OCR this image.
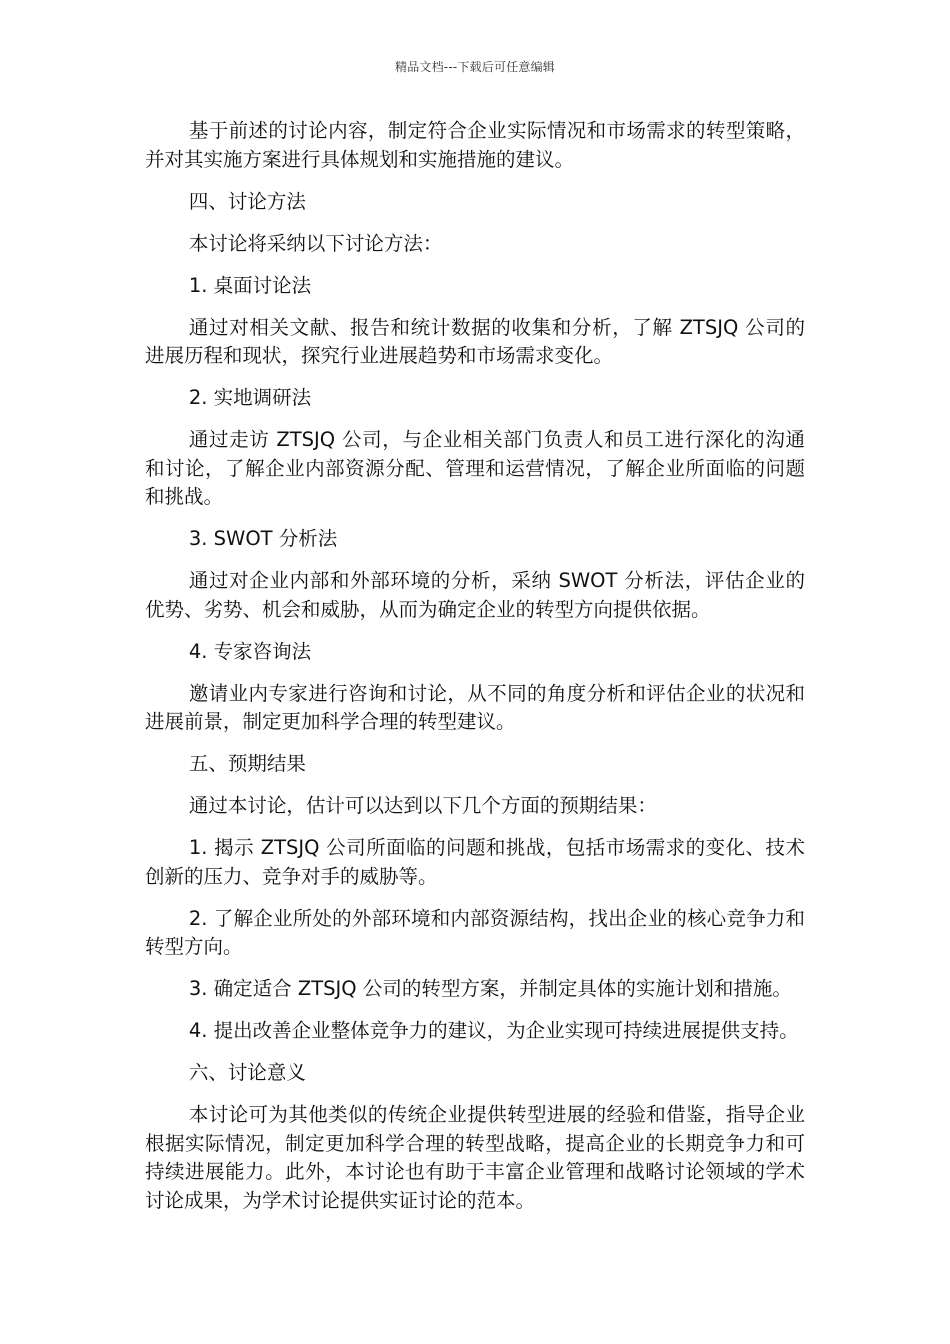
精品文档---下载后可任意编辑

基于前述的讨论内容，制定符合企业实际情况和市场需求的转型策略，并对其实施方案进行具体规划和实施措施的建议。

四、讨论方法

本讨论将采纳以下讨论方法：

1. 桌面讨论法

通过对相关文献、报告和统计数据的收集和分析，了解 ZTSJQ 公司的进展历程和现状，探究行业进展趋势和市场需求变化。

2. 实地调研法

通过走访 ZTSJQ 公司，与企业相关部门负责人和员工进行深化的沟通和讨论，了解企业内部资源分配、管理和运营情况，了解企业所面临的问题和挑战。

3. SWOT 分析法

通过对企业内部和外部环境的分析，采纳 SWOT 分析法，评估企业的优势、劣势、机会和威胁，从而为确定企业的转型方向提供依据。

4. 专家咨询法

邀请业内专家进行咨询和讨论，从不同的角度分析和评估企业的状况和进展前景，制定更加科学合理的转型建议。

五、预期结果

通过本讨论，估计可以达到以下几个方面的预期结果：

1. 揭示 ZTSJQ 公司所面临的问题和挑战，包括市场需求的变化、技术创新的压力、竞争对手的威胁等。

2. 了解企业所处的外部环境和内部资源结构，找出企业的核心竞争力和转型方向。

3. 确定适合 ZTSJQ 公司的转型方案，并制定具体的实施计划和措施。

4. 提出改善企业整体竞争力的建议，为企业实现可持续进展提供支持。

六、讨论意义

本讨论可为其他类似的传统企业提供转型进展的经验和借鉴，指导企业根据实际情况，制定更加科学合理的转型战略，提高企业的长期竞争力和可持续进展能力。此外，本讨论也有助于丰富企业管理和战略讨论领域的学术讨论成果，为学术讨论提供实证讨论的范本。
